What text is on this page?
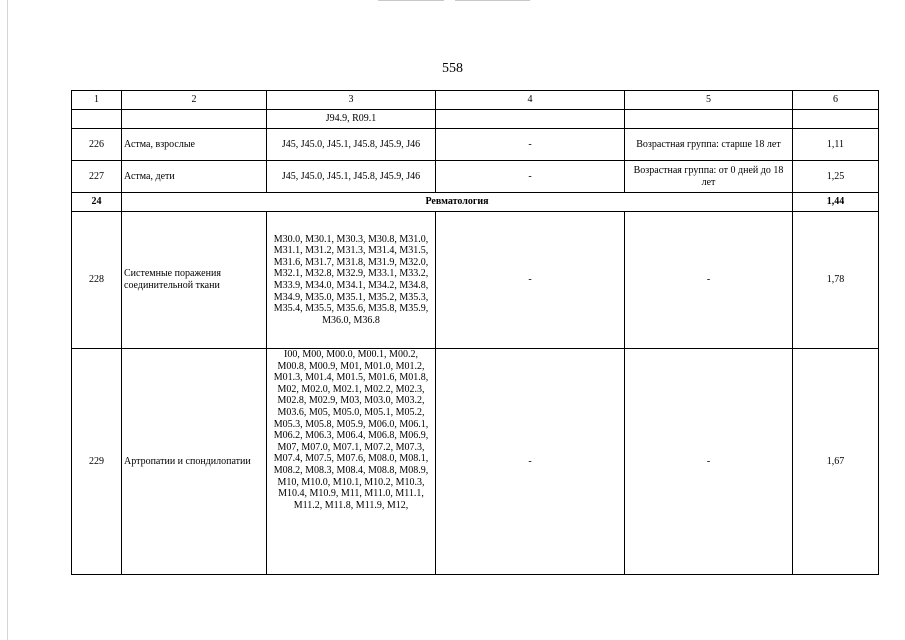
558
1	2	3	4	5	6
		J94.9, R09.1			
226	Астма, взрослые	J45, J45.0, J45.1, J45.8, J45.9, J46	-	Возрастная группа: старше 18 лет	1,11
227	Астма, дети	J45, J45.0, J45.1, J45.8, J45.9, J46	-	Возрастная группа: от 0 дней до 18 лет	1,25
24	Ревматология				1,44
228	Системные поражения соединительной ткани	M30.0, M30.1, M30.3, M30.8, M31.0, M31.1, M31.2, M31.3, M31.4, M31.5, M31.6, M31.7, M31.8, M31.9, M32.0, M32.1, M32.8, M32.9, M33.1, M33.2, M33.9, M34.0, M34.1, M34.2, M34.8, M34.9, M35.0, M35.1, M35.2, M35.3, M35.4, M35.5, M35.6, M35.8, M35.9, M36.0, M36.8	-	-	1,78
229	Артропатии и спондилопатии	I00, M00, M00.0, M00.1, M00.2, M00.8, M00.9, M01, M01.0, M01.2, M01.3, M01.4, M01.5, M01.6, M01.8, M02, M02.0, M02.1, M02.2, M02.3, M02.8, M02.9, M03, M03.0, M03.2, M03.6, M05, M05.0, M05.1, M05.2, M05.3, M05.8, M05.9, M06.0, M06.1, M06.2, M06.3, M06.4, M06.8, M06.9, M07, M07.0, M07.1, M07.2, M07.3, M07.4, M07.5, M07.6, M08.0, M08.1, M08.2, M08.3, M08.4, M08.8, M08.9, M10, M10.0, M10.1, M10.2, M10.3, M10.4, M10.9, M11, M11.0, M11.1, M11.2, M11.8, M11.9, M12,	-	-	1,67
